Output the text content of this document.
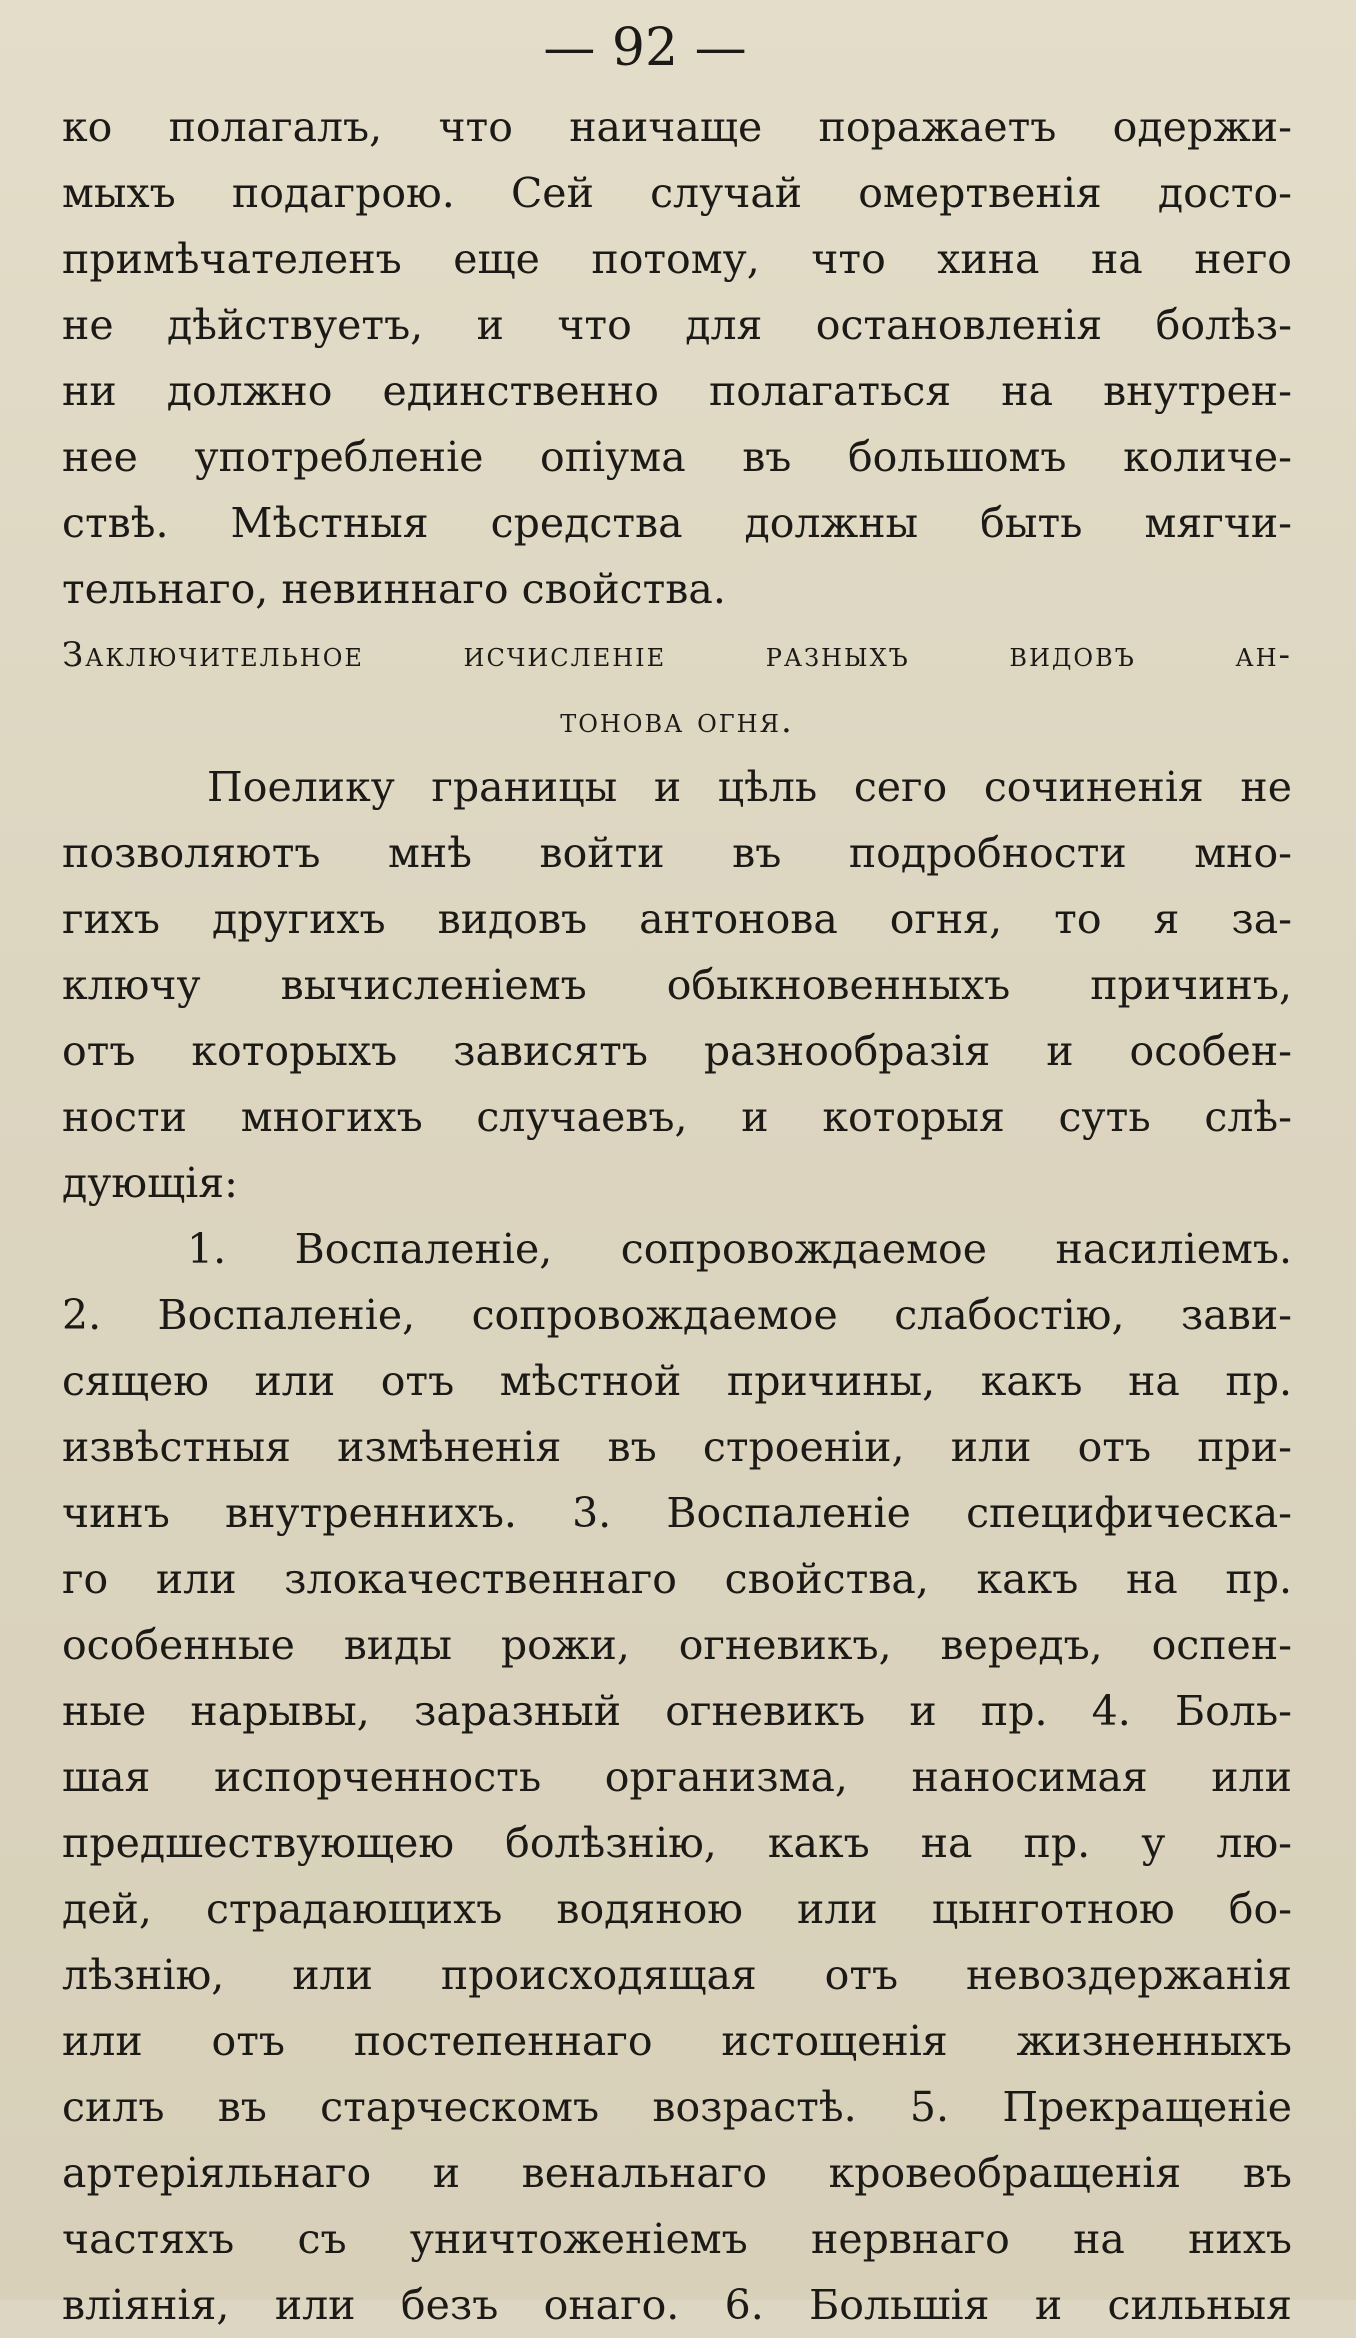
— 92 —
ко полагалъ, что наичаще поражаетъ одержи-
мыхъ подагрою. Сей случай омертвенія досто-
примѣчателенъ еще потому, что хина на него
не дѣйствуетъ, и что для остановленія болѣз-
ни должно единственно полагаться на внутрен-
нее употребленіе опіума въ большомъ количе-
ствѣ. Мѣстныя средства должны быть мягчи-
тельнаго, невиннаго свойства.
Заключительное исчисленіе разныхъ видовъ ан-
тонова огня.
Поелику границы и цѣль сего сочиненія не
позволяютъ мнѣ войти въ подробности мно-
гихъ другихъ видовъ антонова огня, то я за-
ключу вычисленіемъ обыкновенныхъ причинъ,
отъ которыхъ зависятъ разнообразія и особен-
ности многихъ случаевъ, и которыя суть слѣ-
дующія:
1. Воспаленіе, сопровождаемое насиліемъ.
2. Воспаленіе, сопровождаемое слабостію, зави-
сящею или отъ мѣстной причины, какъ на пр.
извѣстныя измѣненія въ строеніи, или отъ при-
чинъ внутреннихъ. 3. Воспаленіе специфическа-
го или злокачественнаго свойства, какъ на пр.
особенные виды рожи, огневикъ, вередъ, оспен-
ные нарывы, заразный огневикъ и пр. 4. Боль-
шая испорченность организма, наносимая или
предшествующею болѣзнію, какъ на пр. у лю-
дей, страдающихъ водяною или цынготною бо-
лѣзнію, или происходящая отъ невоздержанія
или отъ постепеннаго истощенія жизненныхъ
силъ въ старческомъ возрастѣ. 5. Прекращеніе
артеріяльнаго и венальнаго кровеобращенія въ
частяхъ съ уничтоженіемъ нервнаго на нихъ
вліянія, или безъ онаго. 6. Большія и сильныя
